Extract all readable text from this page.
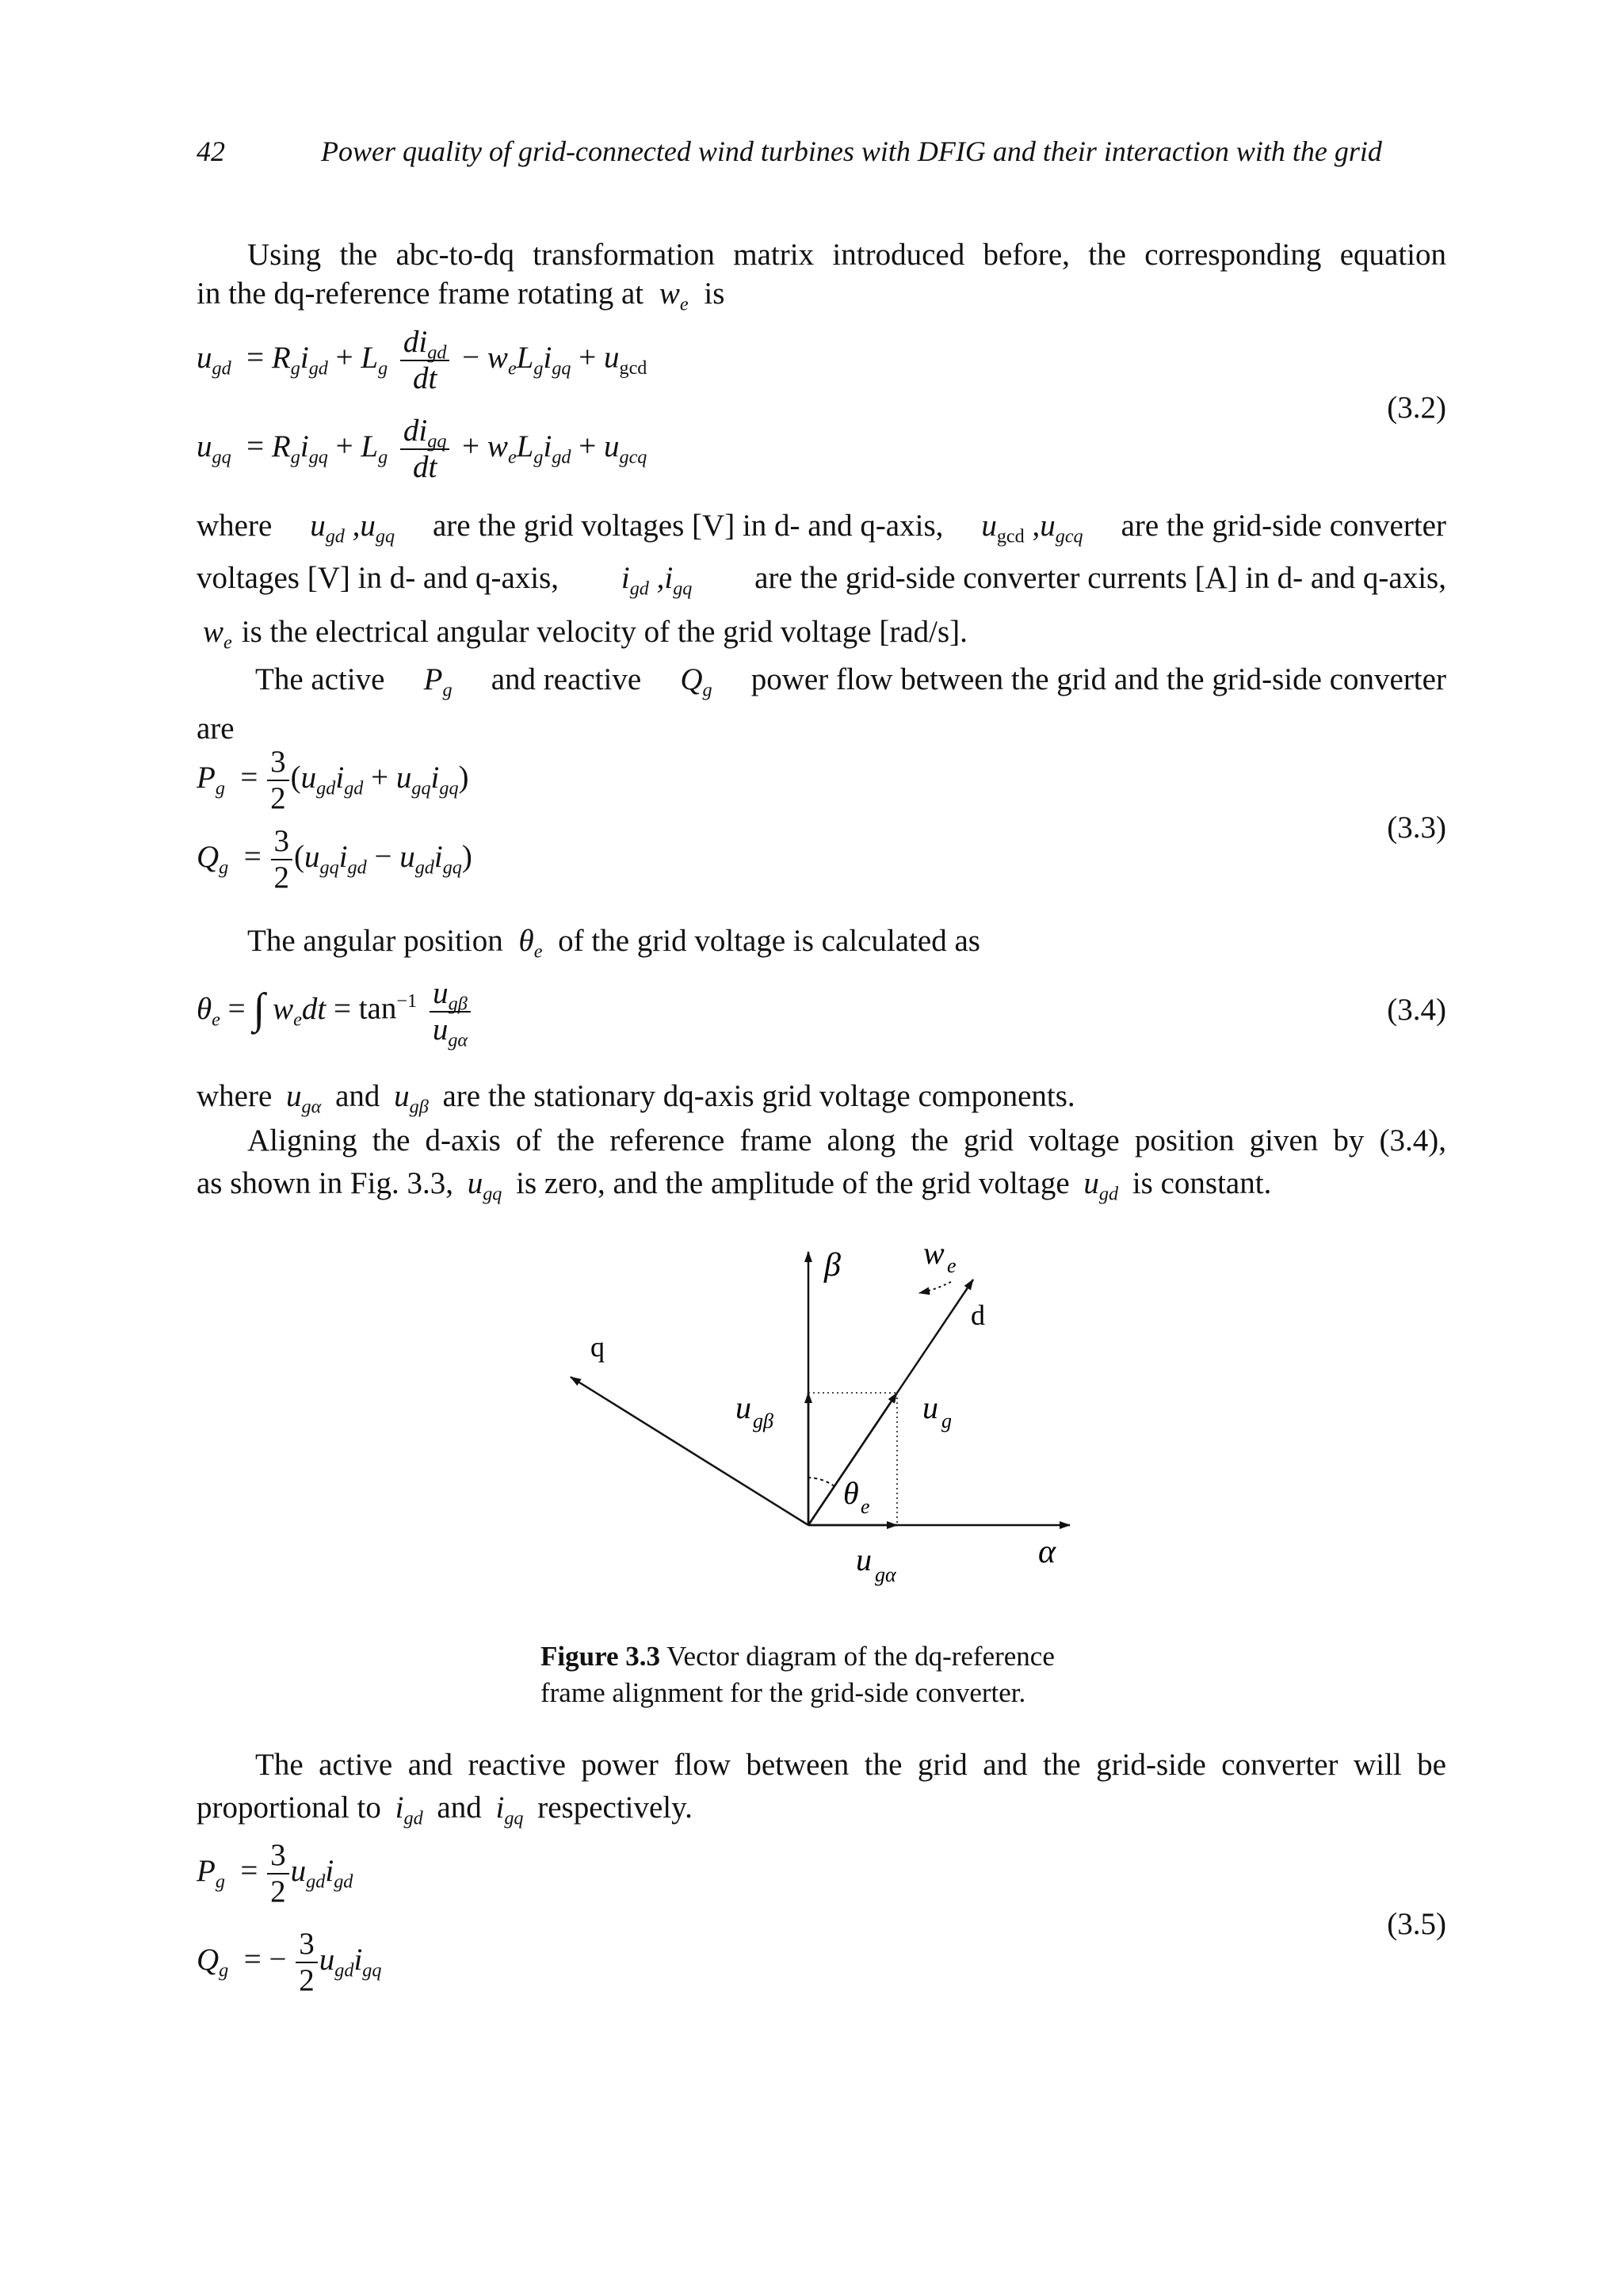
42	Power quality of grid-connected wind turbines with DFIG and their interaction with the grid
Using the abc-to-dq transformation matrix introduced before, the corresponding equation
in the dq-reference frame rotating at $w_e$ is
$u_{gd} = R_gi_{gd} + L_g \frac{di_{gd}}{dt} - w_eL_gi_{gq} + u_{gcd}$
$u_{gq} = R_gi_{gq} + L_g \frac{di_{gq}}{dt} + w_eL_gi_{gd} + u_{gcq}$
(3.2)
where $u_{gd}$ $,u_{gq}$ are the grid voltages [V] in d- and q-axis, $u_{gcd}$ $,u_{gcq}$ are the grid-side converter
voltages [V] in d- and q-axis, $i_{gd}$ $,i_{gq}$ are the grid-side converter currents [A] in d- and q-axis,
$w_e$ is the electrical angular velocity of the grid voltage [rad/s].
The active $P_g$ and reactive $Q_g$ power flow between the grid and the grid-side converter
are
$P_g = \frac{3}{2} (u_{gd}i_{gd} + u_{gq}i_{gq})$
$Q_g = \frac{3}{2} (u_{gq}i_{gd} - u_{gd}i_{gq})$
(3.3)
The angular position $\theta_e$ of the grid voltage is calculated as
$\theta_e$ = ∫ $w_edt = \tan^{-1} \frac{u_{g\beta}}{u_{g\alpha}}$	(3.4)
where $u_{g\alpha}$ and $u_{g\beta}$ are the stationary dq-axis grid voltage components.
Aligning the d-axis of the reference frame along the grid voltage position given by (3.4),
as shown in Fig. 3.3, $u_{gq}$ is zero, and the amplitude of the grid voltage $u_{gd}$ is constant.
β	w e
d
q
u gβ	u g
θ e
α
u gα
Figure 3.3 Vector diagram of the dq-reference
frame alignment for the grid-side converter.
The active and reactive power flow between the grid and the grid-side converter will be
proportional to $i_{gd}$ and $i_{gq}$ respectively.
$P_g = \frac{3}{2} u_{gd}i_{gd}$
$Q_g$  = − $\frac{3}{2} u_{gd}i_{gq}$
(3.5)
